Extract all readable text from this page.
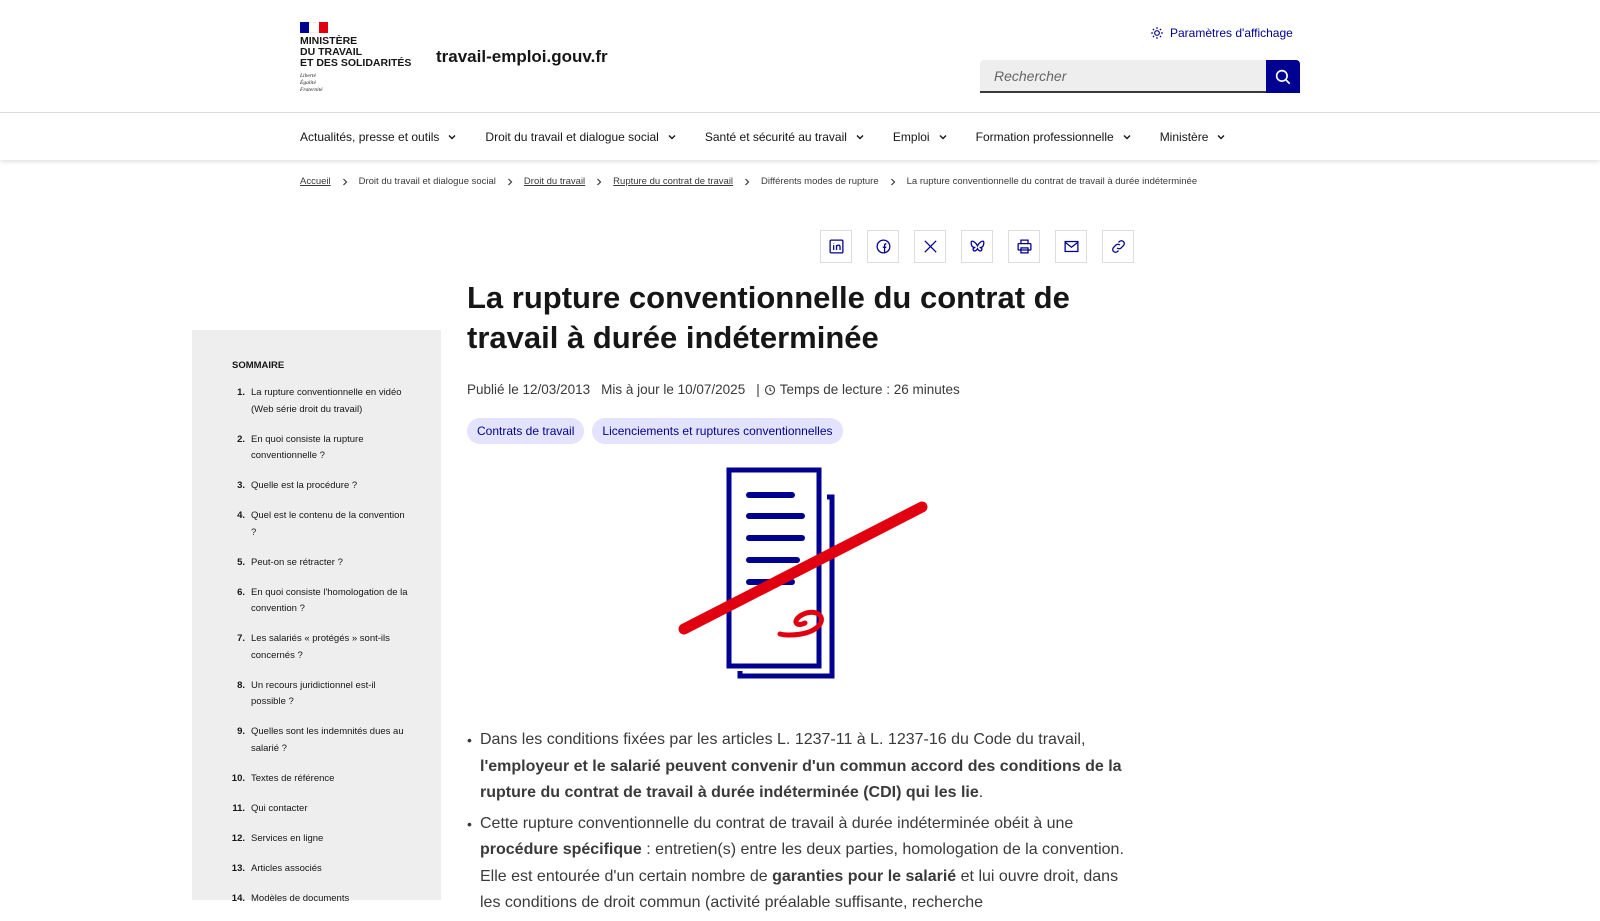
MINISTÈRE
DU TRAVAIL
ET DES SOLIDARITÉS
Liberté
Égalité
Fraternité
travail-emploi.gouv.fr
Paramètres d'affichage
Rechercher
Actualités, presse et outils	Droit du travail et dialogue social	Santé et sécurité au travail	Emploi	Formation professionnelle	Ministère
Accueil	Droit du travail et dialogue social	Droit du travail	Rupture du contrat de travail	Différents modes de rupture	La rupture conventionnelle du contrat de travail à durée indéterminée
SOMMAIRE
1. La rupture conventionnelle en vidéo (Web série droit du travail)
2. En quoi consiste la rupture conventionnelle ?
3. Quelle est la procédure ?
4. Quel est le contenu de la convention ?
5. Peut-on se rétracter ?
6. En quoi consiste l'homologation de la convention ?
7. Les salariés « protégés » sont-ils concernés ?
8. Un recours juridictionnel est-il possible ?
9. Quelles sont les indemnités dues au salarié ?
10. Textes de référence
11. Qui contacter
12. Services en ligne
13. Articles associés
14. Modèles de documents
La rupture conventionnelle du contrat de travail à durée indéterminée
Publié le 12/03/2013 Mis à jour le 10/07/2025 | Temps de lecture : 26 minutes
Contrats de travail	Licenciements et ruptures conventionnelles
• Dans les conditions fixées par les articles L. 1237-11 à L. 1237-16 du Code du travail, l'employeur et le salarié peuvent convenir d'un commun accord des conditions de la rupture du contrat de travail à durée indéterminée (CDI) qui les lie.
• Cette rupture conventionnelle du contrat de travail à durée indéterminée obéit à une procédure spécifique : entretien(s) entre les deux parties, homologation de la convention. Elle est entourée d'un certain nombre de garanties pour le salarié et lui ouvre droit, dans les conditions de droit commun (activité préalable suffisante, recherche
